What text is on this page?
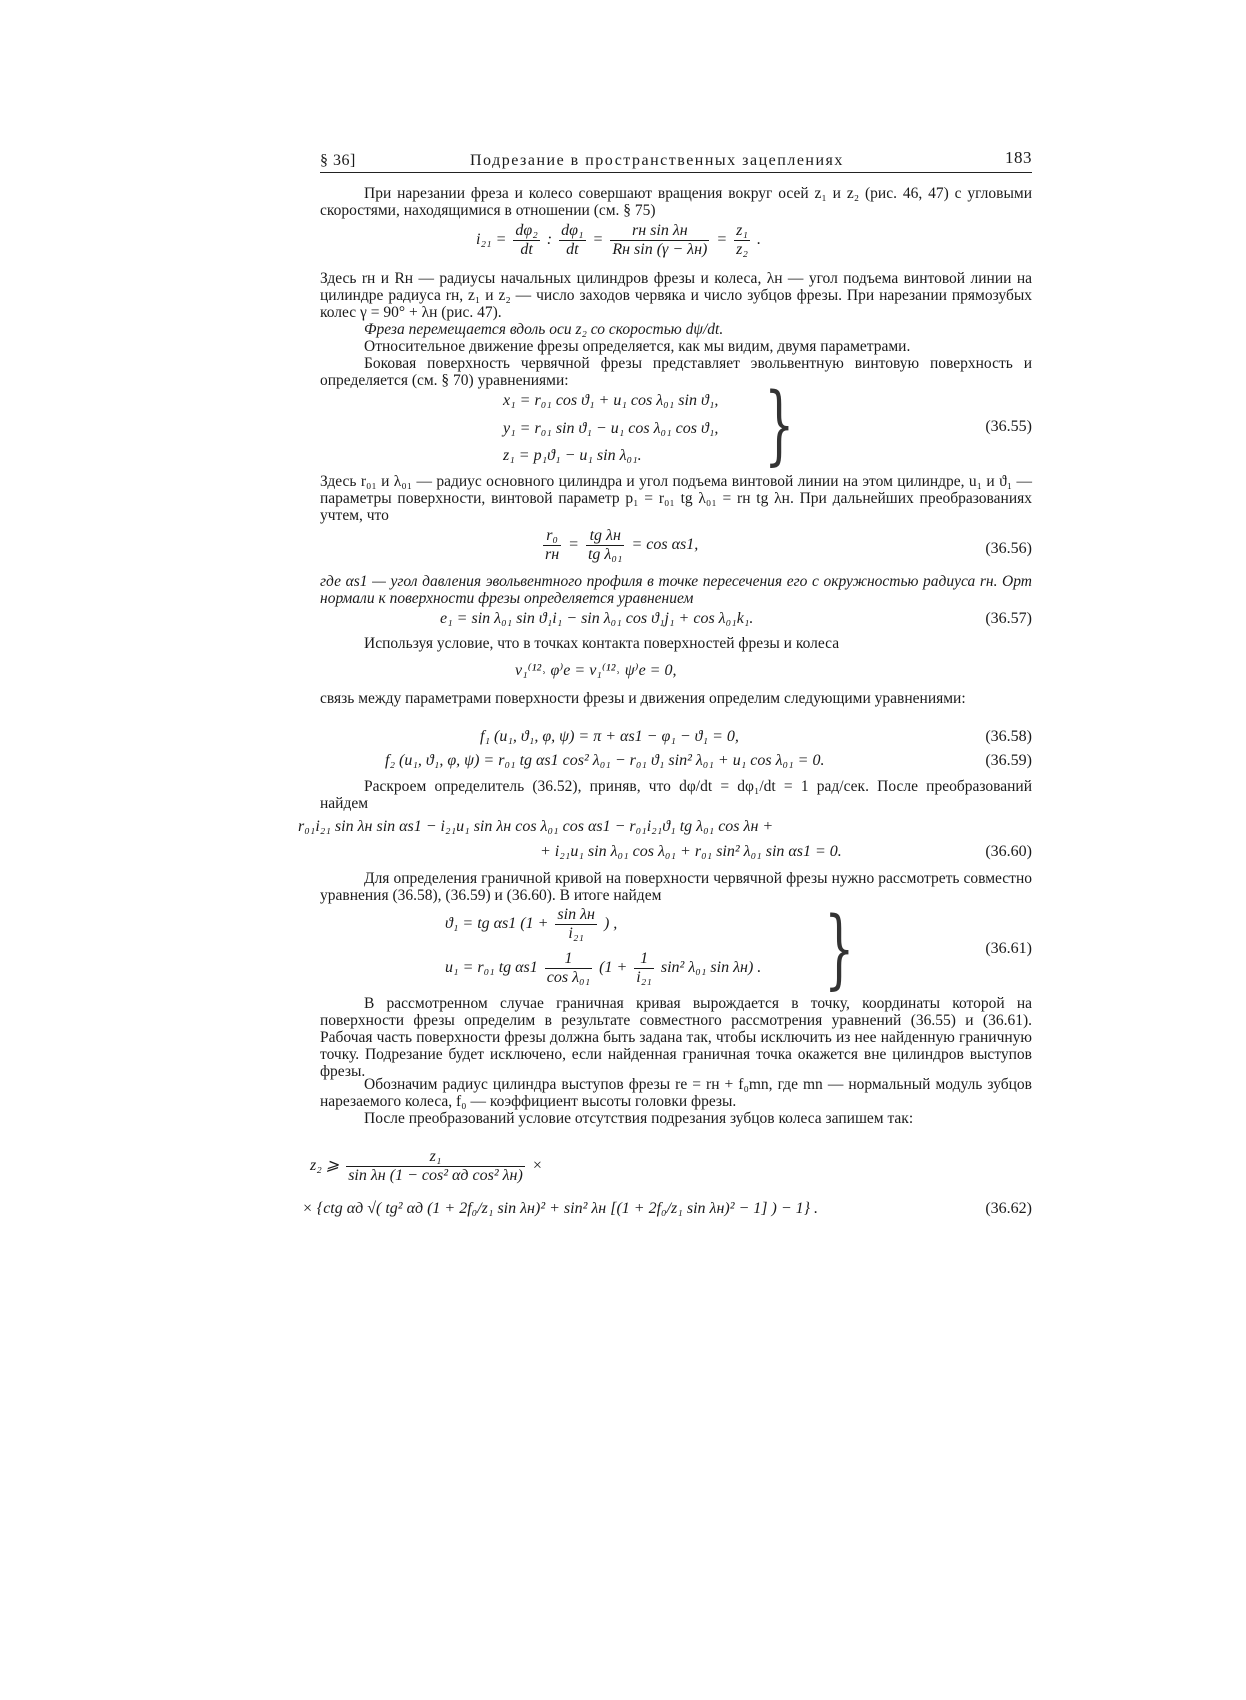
§ 36]	Подрезание в пространственных зацеплениях	183
При нарезании фреза и колесо совершают вращения вокруг осей z₁ и z₂ (рис. 46, 47) с угловыми скоростями, находящимися в отношении (см. § 75)
$i_{21} = \frac{\text{dφ₂}}{dt}$ : $\frac{\text{dφ₁}}{dt} = \frac{\text{rн sin λн}}{\text{Rн sin (γ − λн)}} = \frac{\text{z₁}}{\text{z₂}}$ .
Здесь rн и Rн — радиусы начальных цилиндров фрезы и колеса, λн — угол подъема винтовой линии на цилиндре радиуса rн, z₁ и z₂ — число заходов червяка и число зубцов фрезы. При нарезании прямозубых колес γ = 90° + λн (рис. 47).
Фреза перемещается вдоль оси z₂ со скоростью dψ/dt.
Относительное движение фрезы определяется, как мы видим, двумя параметрами.
Боковая поверхность червячной фрезы представляет эвольвентную винтовую поверхность и определяется (см. § 70) уравнениями:
x₁ = r₀₁ cos ϑ₁ + u₁ cos λ₀₁ sin ϑ₁,
y₁ = r₀₁ sin ϑ₁ − u₁ cos λ₀₁ cos ϑ₁,
z₁ = p₁ϑ₁ − u₁ sin λ₀₁. }	(36.55)
Здесь r₀₁ и λ₀₁ — радиус основного цилиндра и угол подъема винтовой линии на этом цилиндре, u₁ и ϑ₁ — параметры поверхности, винтовой параметр p₁ = r₀₁ tg λ₀₁ = rн tg λн. При дальнейших преобразованиях учтем, что
$\frac{\text{r₀}}{rн} = \frac{\text{tg λн}}{\text{tg λ₀₁}} = \cos \alpha s1$,	(36.56)
где αs1 — угол давления эвольвентного профиля в точке пересечения его с окружностью радиуса rн. Орт нормали к поверхности фрезы определяется уравнением
e₁ = sin λ₀₁ sin ϑ₁i₁ − sin λ₀₁ cos ϑ₁j₁ + cos λ₀₁k₁.	(36.57)
Используя условие, что в точках контакта поверхностей фрезы и колеса
v₁⁽¹²˒ φ⁾e = v₁⁽¹²˒ ψ⁾e = 0,
связь между параметрами поверхности фрезы и движения определим следующими уравнениями:
f₁ (u₁, ϑ₁, φ, ψ) = π + αs1 − φ₁ − ϑ₁ = 0,	(36.58)
f₂ (u₁, ϑ₁, φ, ψ) = r₀₁ tg αs1 cos² λ₀₁ − r₀₁ ϑ₁ sin² λ₀₁ + u₁ cos λ₀₁ = 0.	(36.59)
Раскроем определитель (36.52), приняв, что dφ/dt = dφ₁/dt = 1 рад/сек. После преобразований найдем
r₀₁i₂₁ sin λн sin αs1 − i₂₁u₁ sin λн cos λ₀₁ cos αs1 − r₀₁i₂₁ϑ₁ tg λ₀₁ cos λн +
+ i₂₁u₁ sin λ₀₁ cos λ₀₁ + r₀₁ sin² λ₀₁ sin αs1 = 0.	(36.60)
Для определения граничной кривой на поверхности червячной фрезы нужно рассмотреть совместно уравнения (36.58), (36.59) и (36.60). В итоге найдем
ϑ₁ = tg αs1 ($1 + \frac{\text{sin λн}}{\text{i₂₁}}$ ) ,
u₁ = r₀₁ tg $\alpha s1 \frac{1}{\text{cos λ₀₁}} (1 + \frac{1}{\text{i₂₁}} \sin^2$ λ₀₁ sin λн) . }	(36.61)
В рассмотренном случае граничная кривая вырождается в точку, координаты которой на поверхности фрезы определим в результате совместного рассмотрения уравнений (36.55) и (36.61). Рабочая часть поверхности фрезы должна быть задана так, чтобы исключить из нее найденную граничную точку. Подрезание будет исключено, если найденная граничная точка окажется вне цилиндров выступов фрезы.
Обозначим радиус цилиндра выступов фрезы re = rн + f₀mn, где mn — нормальный модуль зубцов нарезаемого колеса, f₀ — коэффициент высоты головки фрезы.
После преобразований условие отсутствия подрезания зубцов колеса запишем так:
z₂ ⩾ $\frac{\text{z₁}}{\text{sin λн (1 − cos² αд cos² λн)}}$ ×
× {ctg αд √( tg² αд (1 + 2f₀/z₁ sin λн)² + sin² λн [(1 + 2f₀/z₁ sin λн)² − 1] ) − 1} .	(36.62)
